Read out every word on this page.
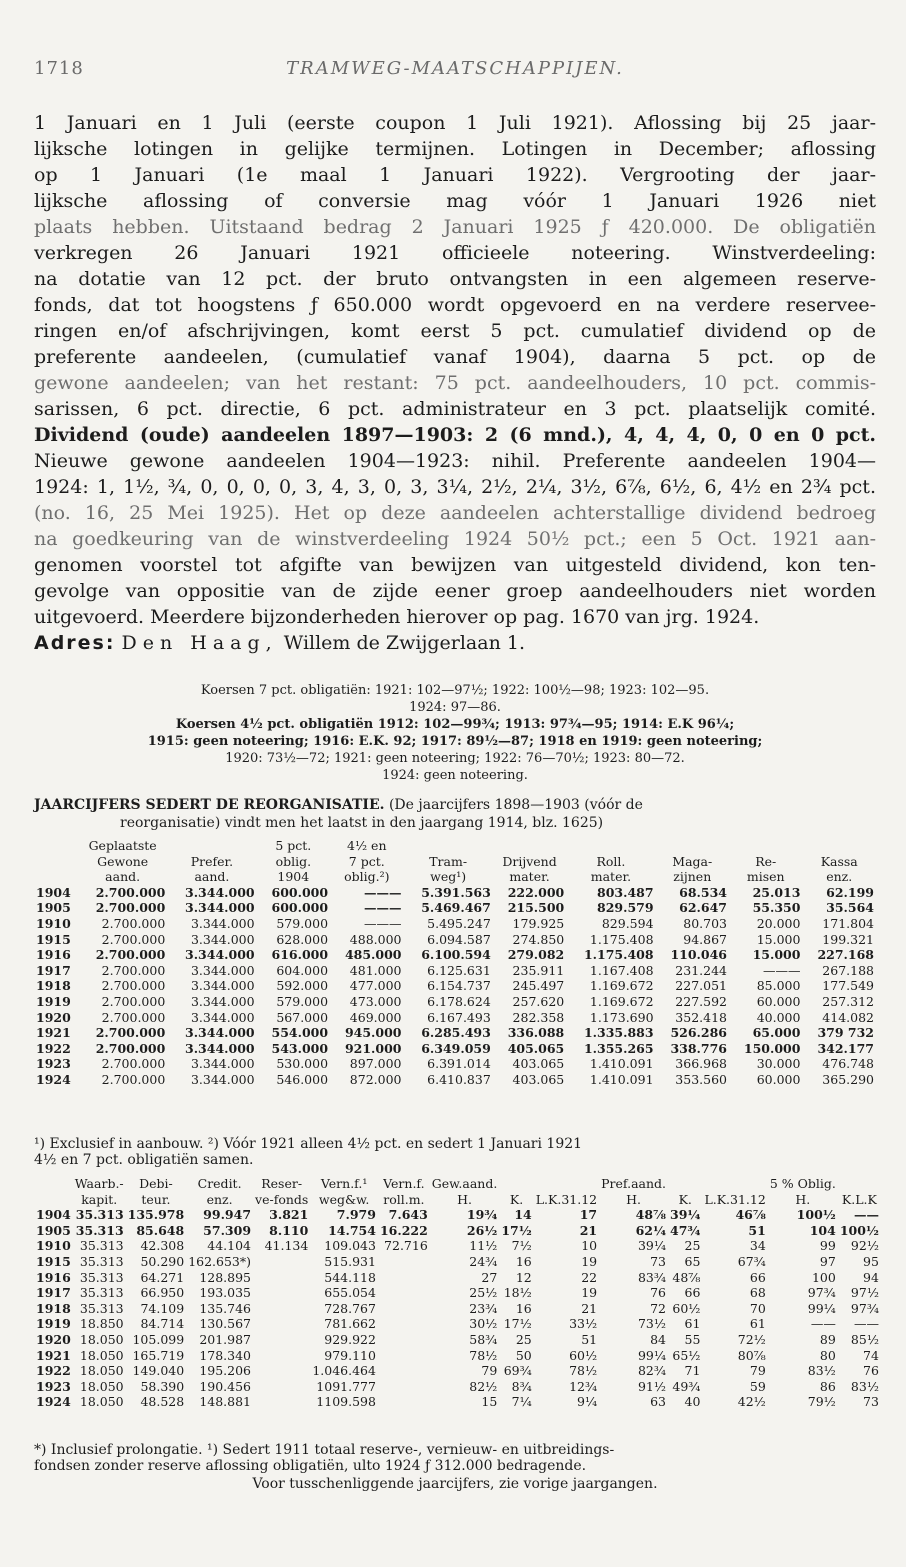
1718	TRAMWEG-MAATSCHAPPIJEN.
1 Januari en 1 Juli (eerste coupon 1 Juli 1921). Aflossing bij 25 jaar-
lijksche lotingen in gelijke termijnen. Lotingen in December; aflossing
op 1 Januari (1e maal 1 Januari 1922). Vergrooting der jaar-
lijksche aflossing of conversie mag vóór 1 Januari 1926 niet
plaats hebben. Uitstaand bedrag 2 Januari 1925 ƒ 420.000. De obligatiën
verkregen 26 Januari 1921 officieele noteering. Winstverdeeling:
na dotatie van 12 pct. der bruto ontvangsten in een algemeen reserve-
fonds, dat tot hoogstens ƒ 650.000 wordt opgevoerd en na verdere reservee-
ringen en/of afschrijvingen, komt eerst 5 pct. cumulatief dividend op de
preferente aandeelen, (cumulatief vanaf 1904), daarna 5 pct. op de
gewone aandeelen; van het restant: 75 pct. aandeelhouders, 10 pct. commis-
sarissen, 6 pct. directie, 6 pct. administrateur en 3 pct. plaatselijk comité.
Dividend (oude) aandeelen 1897—1903: 2 (6 mnd.), 4, 4, 4, 0, 0 en 0 pct.
Nieuwe gewone aandeelen 1904—1923: nihil. Preferente aandeelen 1904—
1924: 1, 1½, ¾, 0, 0, 0, 0, 3, 4, 3, 0, 3, 3¼, 2½, 2¼, 3½, 6⅞, 6½, 6, 4½ en 2¾ pct.
(no. 16, 25 Mei 1925). Het op deze aandeelen achterstallige dividend bedroeg
na goedkeuring van de winstverdeeling 1924 50½ pct.; een 5 Oct. 1921 aan-
genomen voorstel tot afgifte van bewijzen van uitgesteld dividend, kon ten-
gevolge van oppositie van de zijde eener groep aandeelhouders niet worden
uitgevoerd. Meerdere bijzonderheden hierover op pag. 1670 van jrg. 1924.
Adres: Den Haag, Willem de Zwijgerlaan 1.
Koersen 7 pct. obligatiën: 1921: 102—97½; 1922: 100½—98; 1923: 102—95.
1924: 97—86.
Koersen 4½ pct. obligatiën 1912: 102—99¾; 1913: 97¾—95; 1914: E.K 96¼;
1915: geen noteering; 1916: E.K. 92; 1917: 89½—87; 1918 en 1919: geen noteering;
1920: 73½—72; 1921: geen noteering; 1922: 76—70½; 1923: 80—72.
1924: geen noteering.
JAARCIJFERS SEDERT DE REORGANISATIE. (De jaarcijfers 1898—1903 (vóór de
reorganisatie) vindt men het laatst in den jaargang 1914, blz. 1625)
	Geplaatste		5 pct.	4½ en						
	Gewone	Prefer.	oblig.	7 pct.	Tram-	Drijvend	Roll.	Maga-	Re-	Kassa
	aand.	aand.	1904	oblig.²)	weg¹)	mater.	mater.	zijnen	misen	enz.
1904	2.700.000	3.344.000	600.000	———	5.391.563	222.000	803.487	68.534	25.013	62.199
1905	2.700.000	3.344.000	600.000	———	5.469.467	215.500	829.579	62.647	55.350	35.564
1910	2.700.000	3.344.000	579.000	———	5.495.247	179.925	829.594	80.703	20.000	171.804
1915	2.700.000	3.344.000	628.000	488.000	6.094.587	274.850	1.175.408	94.867	15.000	199.321
1916	2.700.000	3.344.000	616.000	485.000	6.100.594	279.082	1.175.408	110.046	15.000	227.168
1917	2.700.000	3.344.000	604.000	481.000	6.125.631	235.911	1.167.408	231.244	———	267.188
1918	2.700.000	3.344.000	592.000	477.000	6.154.737	245.497	1.169.672	227.051	85.000	177.549
1919	2.700.000	3.344.000	579.000	473.000	6.178.624	257.620	1.169.672	227.592	60.000	257.312
1920	2.700.000	3.344.000	567.000	469.000	6.167.493	282.358	1.173.690	352.418	40.000	414.082
1921	2.700.000	3.344.000	554.000	945.000	6.285.493	336.088	1.335.883	526.286	65.000	379 732
1922	2.700.000	3.344.000	543.000	921.000	6.349.059	405.065	1.355.265	338.776	150.000	342.177
1923	2.700.000	3.344.000	530.000	897.000	6.391.014	403.065	1.410.091	366.968	30.000	476.748
1924	2.700.000	3.344.000	546.000	872.000	6.410.837	403.065	1.410.091	353.560	60.000	365.290
¹) Exclusief in aanbouw. ²) Vóór 1921 alleen 4½ pct. en sedert 1 Januari 1921
4½ en 7 pct. obligatiën samen.
	Waarb.-	Debi-	Credit.	Reser-	Vern.f.¹	Vern.f.	Gew.aand.			Pref.aand.			5 % Oblig.	
	kapit.	teur.	enz.	ve-fonds	weg&w.	roll.m.	H.	K.	L.K.31.12	H.	K.	L.K.31.12	H.	K.L.K
1904	35.313	135.978	99.947	3.821	7.979	7.643	19¾	14	17	48⅞	39¼	46⅞	100½	——
1905	35.313	85.648	57.309	8.110	14.754	16.222	26½	17½	21	62¼	47¾	51	104	100½
1910	35.313	42.308	44.104	41.134	109.043	72.716	11½	7½	10	39¼	25	34	99	92½
1915	35.313	50.290	162.653*)		515.931		24¾	16	19	73	65	67¾	97	95
1916	35.313	64.271	128.895		544.118		27	12	22	83¾	48⅞	66	100	94
1917	35.313	66.950	193.035		655.054		25½	18½	19	76	66	68	97¾	97½
1918	35.313	74.109	135.746		728.767		23¾	16	21	72	60½	70	99¼	97¾
1919	18.850	84.714	130.567		781.662		30½	17½	33½	73½	61	61	——	——
1920	18.050	105.099	201.987		929.922		58¾	25	51	84	55	72½	89	85½
1921	18.050	165.719	178.340		979.110		78½	50	60½	99¼	65½	80⅞	80	74
1922	18.050	149.040	195.206		1.046.464		79	69¾	78½	82¾	71	79	83½	76
1923	18.050	58.390	190.456		1091.777		82½	8¾	12¾	91½	49¾	59	86	83½
1924	18.050	48.528	148.881		1109.598		15	7¼	9¼	63	40	42½	79½	73
*) Inclusief prolongatie. ¹) Sedert 1911 totaal reserve-, vernieuw- en uitbreidings-
fondsen zonder reserve aflossing obligatiën, ulto 1924 ƒ 312.000 bedragende.
Voor tusschenliggende jaarcijfers, zie vorige jaargangen.
